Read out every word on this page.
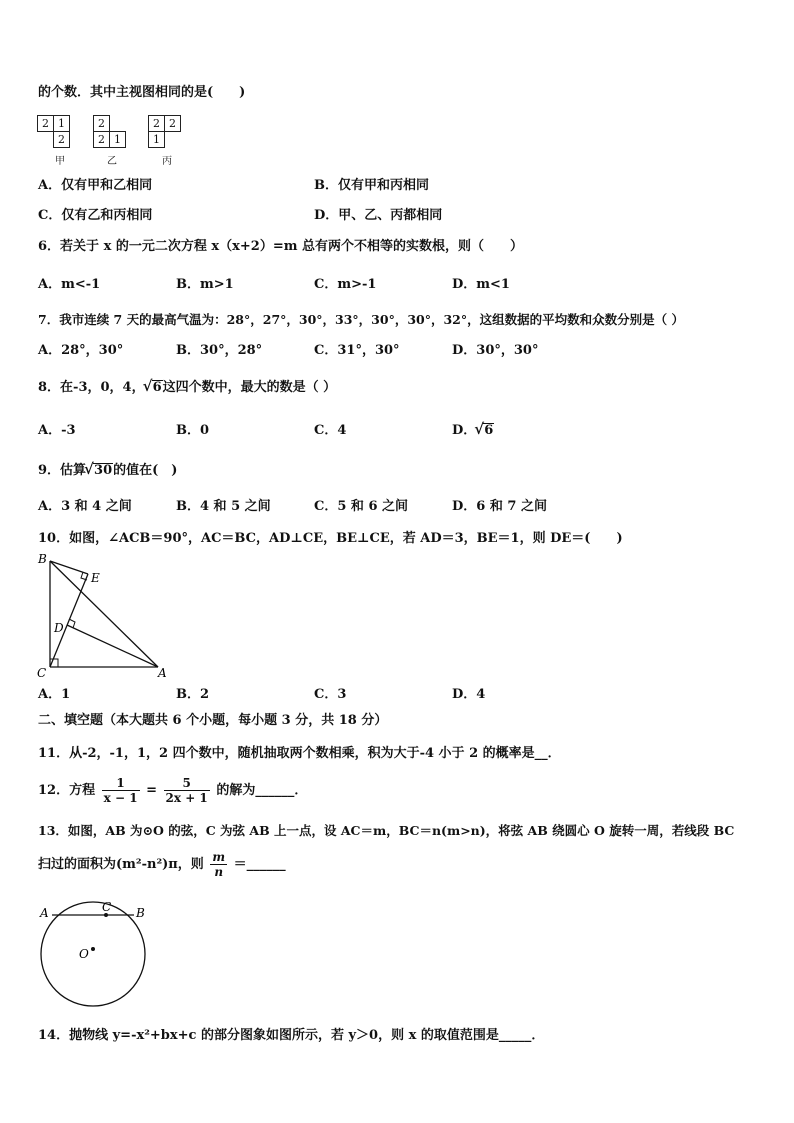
的个数．其中主视图相同的是(　　)
2 1
2
甲
2
2 1
乙
2 2
1
丙
A．仅有甲和乙相同	B．仅有甲和丙相同
C．仅有乙和丙相同	D．甲、乙、丙都相同
6．若关于 x 的一元二次方程 x（x+2）=m 总有两个不相等的实数根，则（　　）
A．m<-1	B．m>1	C．m>-1	D．m<1
7．我市连续 7 天的最高气温为：28°，27°，30°，33°，30°，30°，32°，这组数据的平均数和众数分别是（ ）
A．28°，30°	B．30°，28°	C．31°，30°	D．30°，30°
8．在-3，0，4， √ 6这四个数中，最大的数是（ ）
A．-3	B．0	C．4	D． √ 6
9．估算 √ 30的值在(　)
A．3 和 4 之间	B．4 和 5 之间	C．5 和 6 之间	D．6 和 7 之间
10．如图，∠ACB＝90°，AC＝BC，AD⊥CE，BE⊥CE，若 AD＝3，BE＝1，则 DE＝(　　)
B
E
D
C	A
A．1	B．2	C．3	D．4
二、填空题（本大题共 6 个小题，每小题 3 分，共 18 分）
11．从-2，-1，1，2 四个数中，随机抽取两个数相乘，积为大于-4 小于 2 的概率是__．
12．方程 $\frac{1}{x - 1} = \frac{5}{2x + 1}$ 的解为______．
13．如图，AB 为⊙O 的弦，C 为弦 AB 上一点，设 AC＝m，BC＝n(m>n)，将弦 AB 绕圆心 O 旋转一周，若线段 BC
扫过的面积为(m²-n²)π，则 $\frac{m}{n}$ ＝______
A	C B
O
14．抛物线 y=-x²+bx+c 的部分图象如图所示，若 y＞0，则 x 的取值范围是_____．
